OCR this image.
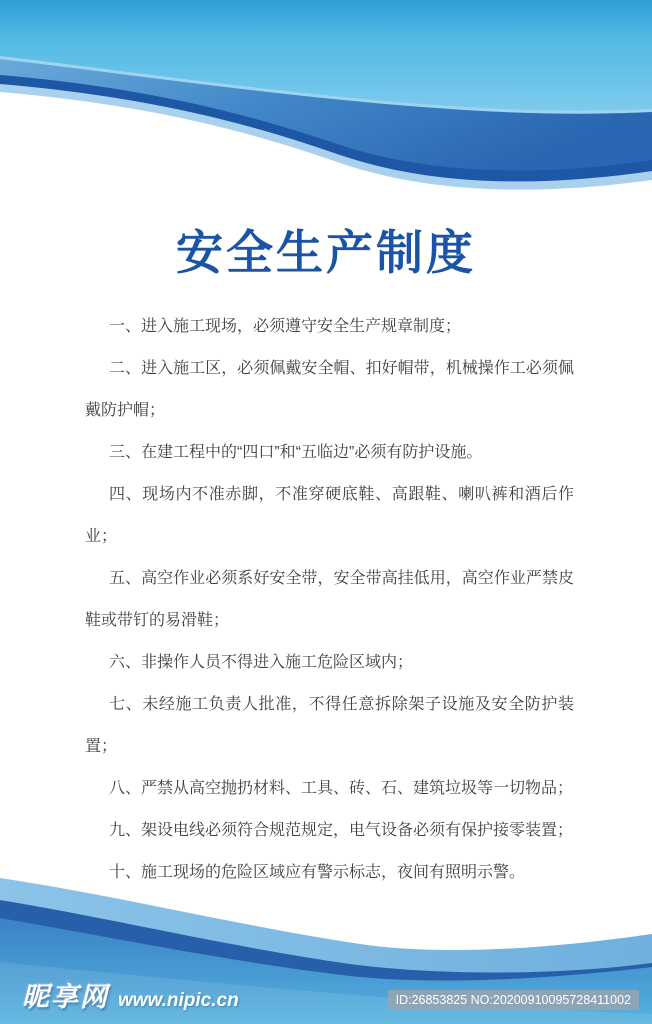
安全生产制度

一、进入施工现场，必须遵守安全生产规章制度；

二、进入施工区，必须佩戴安全帽、扣好帽带，机械操作工必须佩戴防护帽；

三、在建工程中的“四口”和“五临边”必须有防护设施。

四、现场内不准赤脚，不准穿硬底鞋、高跟鞋、喇叭裤和酒后作业；

五、高空作业必须系好安全带，安全带高挂低用，高空作业严禁皮鞋或带钉的易滑鞋；

六、非操作人员不得进入施工危险区域内；

七、未经施工负责人批准，不得任意拆除架子设施及安全防护装置；

八、严禁从高空抛扔材料、工具、砖、石、建筑垃圾等一切物品；

九、架设电线必须符合规范规定，电气设备必须有保护接零装置；

十、施工现场的危险区域应有警示标志，夜间有照明示警。

昵享网 www.nipic.cn	ID:26853825 NO:20200910095728411002
